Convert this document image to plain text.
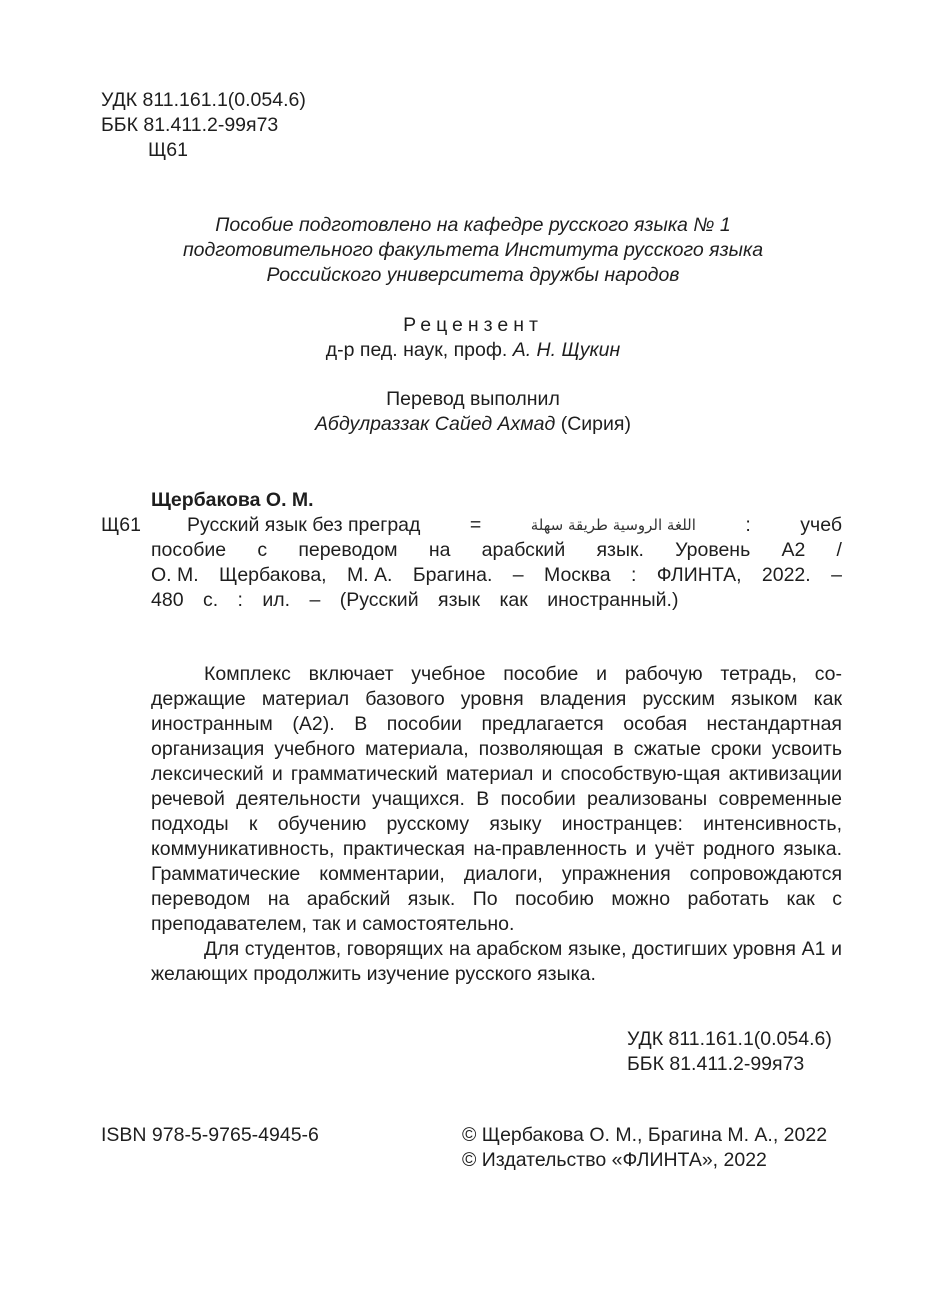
УДК 811.161.1(0.054.6)
ББК 81.411.2-99я73
Щ61
Пособие подготовлено на кафедре русского языка № 1
подготовительного факультета Института русского языка
Российского университета дружбы народов
Рецензент
д-р пед. наук, проф. А. Н. Щукин
Перевод выполнил
Абдулраззак Сайед Ахмад (Сирия)
Щербакова О. М.
Щ61 Русский язык без преград	=	اللغة الروسية طريقة سهلة	:	учеб
пособие с переводом на арабский язык. Уровень А2 /
О. М. Щербакова, М. А. Брагина. – Москва : ФЛИНТА, 2022. –
480 с. : ил. – (Русский язык как иностранный.)

Комплекс включает учебное пособие и рабочую тетрадь, со-держащие материал базового уровня владения русским языком как иностранным (А2). В пособии предлагается особая нестандартная организация учебного материала, позволяющая в сжатые сроки усвоить лексический и грамматический материал и способствую-щая активизации речевой деятельности учащихся. В пособии реализованы современные подходы к обучению русскому языку иностранцев: интенсивность, коммуникативность, практическая на-правленность и учёт родного языка. Грамматические комментарии, диалоги, упражнения сопровождаются переводом на арабский язык. По пособию можно работать как с преподавателем, так и самостоятельно.

Для студентов, говорящих на арабском языке, достигших уровня А1 и желающих продолжить изучение русского языка.

УДК 811.161.1(0.054.6)
ББК 81.411.2-99я73
ISBN 978-5-9765-4945-6	© Щербакова О. М., Брагина М. А., 2022
© Издательство «ФЛИНТА», 2022
